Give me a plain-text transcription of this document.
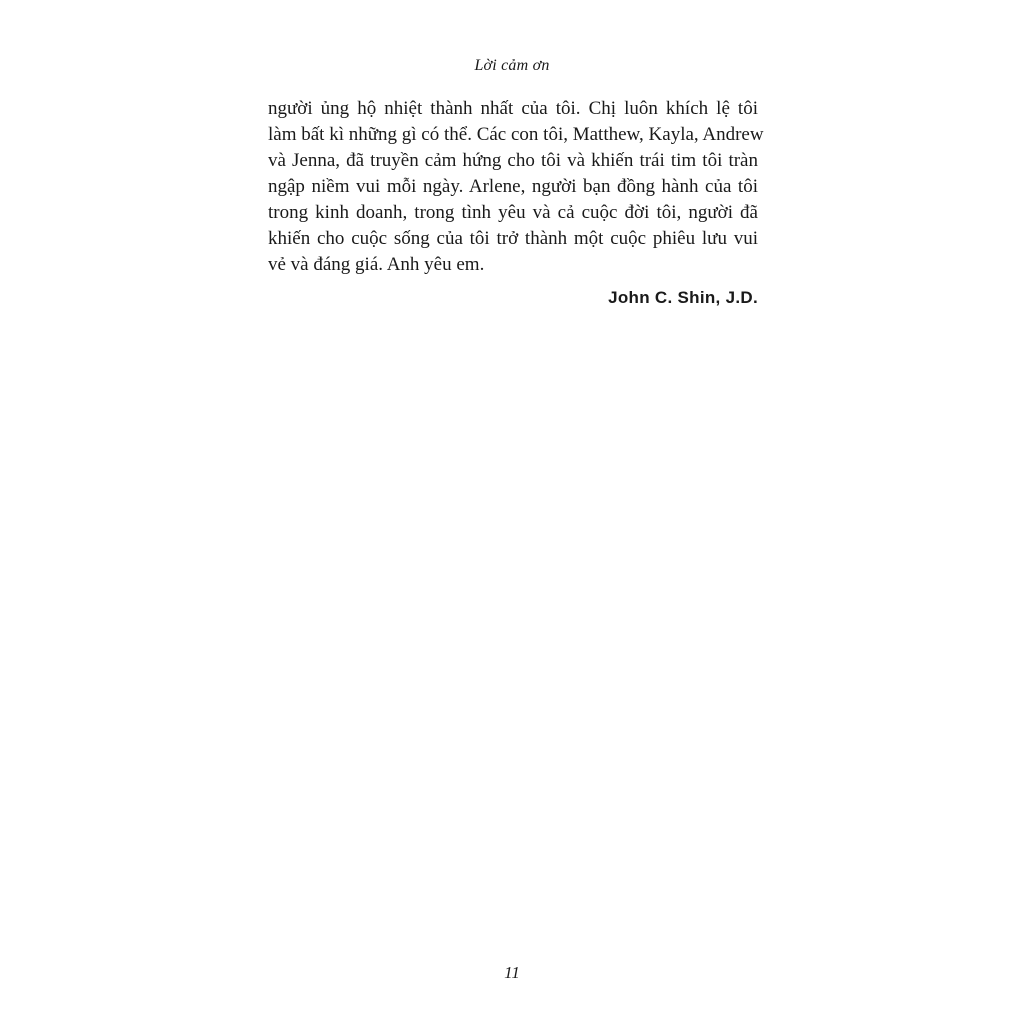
Lời cảm ơn
người ủng hộ nhiệt thành nhất của tôi. Chị luôn khích lệ tôi
làm bất kì những gì có thể. Các con tôi, Matthew, Kayla, Andrew
và Jenna, đã truyền cảm hứng cho tôi và khiến trái tim tôi tràn
ngập niềm vui mỗi ngày. Arlene, người bạn đồng hành của tôi
trong kinh doanh, trong tình yêu và cả cuộc đời tôi, người đã
khiến cho cuộc sống của tôi trở thành một cuộc phiêu lưu vui
vẻ và đáng giá. Anh yêu em.
John C. Shin, J.D.
11
